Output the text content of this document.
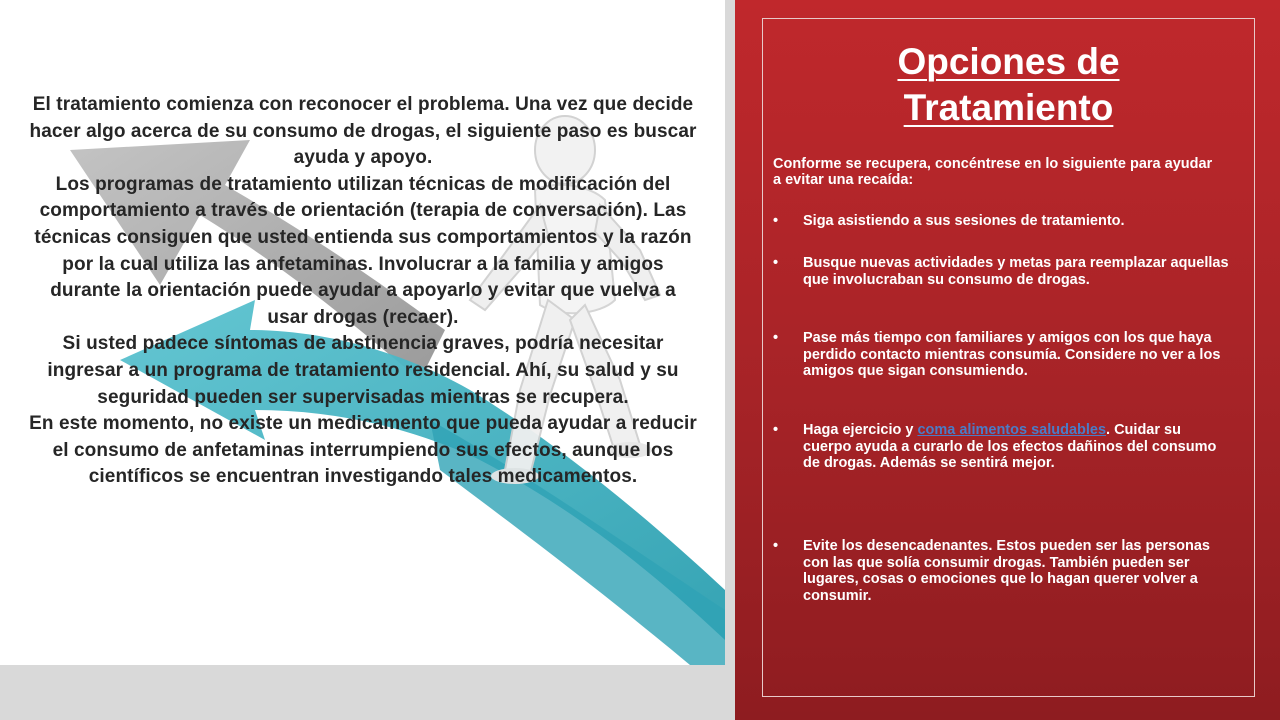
El tratamiento comienza con reconocer el problema. Una vez que decide hacer algo acerca de su consumo de drogas, el siguiente paso es buscar ayuda y apoyo.

Los programas de tratamiento utilizan técnicas de modificación del comportamiento a través de orientación (terapia de conversación). Las técnicas consiguen que usted entienda sus comportamientos y la razón por la cual utiliza las anfetaminas. Involucrar a la familia y amigos durante la orientación puede ayudar a apoyarlo y evitar que vuelva a usar drogas (recaer).

Si usted padece síntomas de abstinencia graves, podría necesitar ingresar a un programa de tratamiento residencial. Ahí, su salud y su seguridad pueden ser supervisadas mientras se recupera.

En este momento, no existe un medicamento que pueda ayudar a reducir el consumo de anfetaminas interrumpiendo sus efectos, aunque los científicos se encuentran investigando tales medicamentos.

Opciones de
Tratamiento
Conforme se recupera, concéntrese en lo siguiente para ayudar a evitar una recaída:
•	Siga asistiendo a sus sesiones de tratamiento.
•	Busque nuevas actividades y metas para reemplazar aquellas que involucraban su consumo de drogas.
•	Pase más tiempo con familiares y amigos con los que haya perdido contacto mientras consumía. Considere no ver a los amigos que sigan consumiendo.
•	Haga ejercicio y coma alimentos saludables. Cuidar su cuerpo ayuda a curarlo de los efectos dañinos del consumo de drogas. Además se sentirá mejor.
•	Evite los desencadenantes. Estos pueden ser las personas con las que solía consumir drogas. También pueden ser lugares, cosas o emociones que lo hagan querer volver a consumir.
